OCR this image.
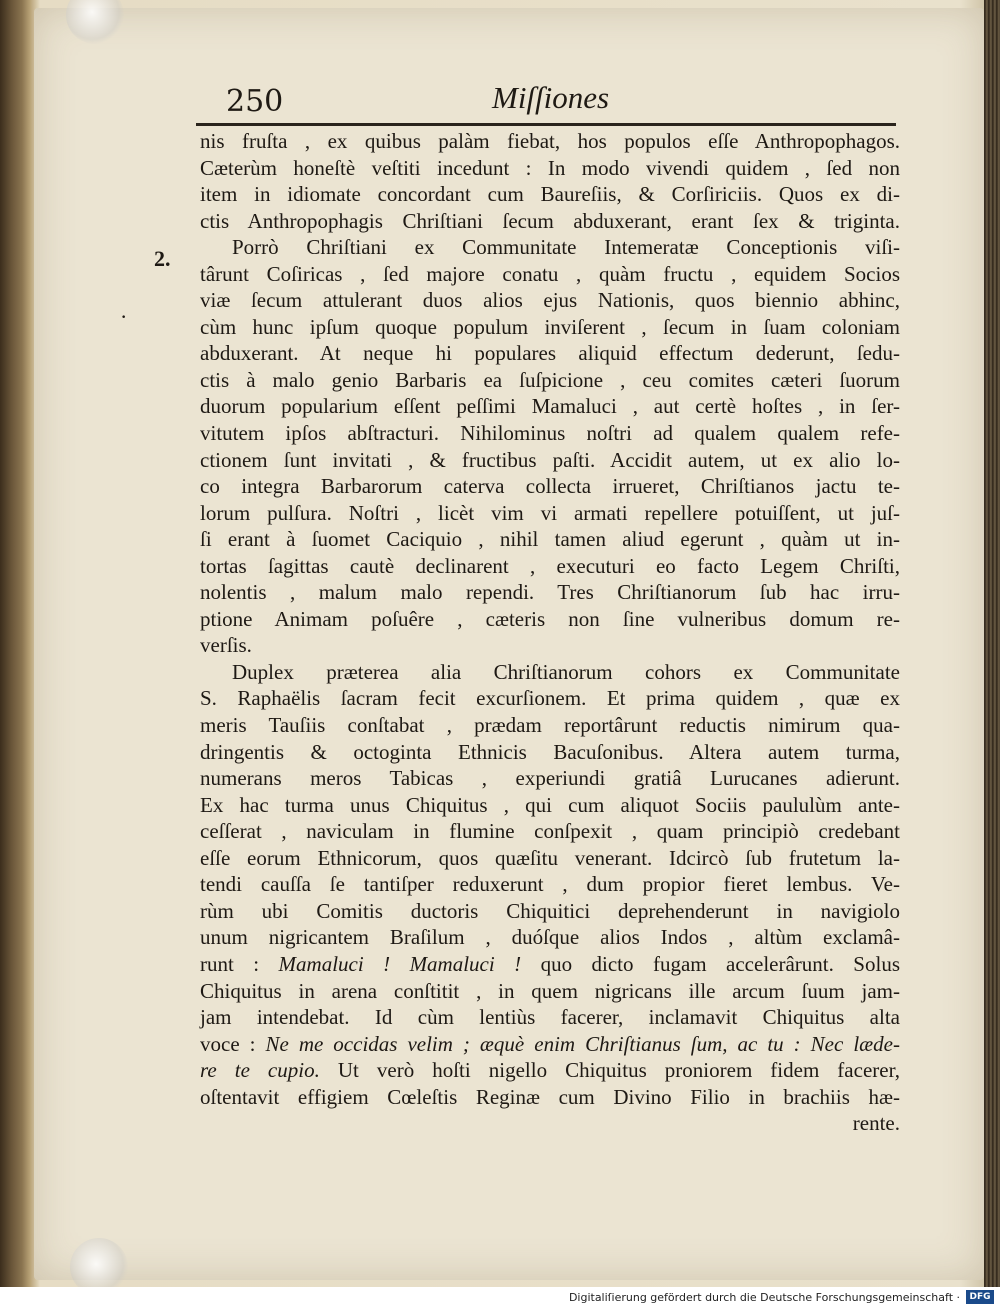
250	Miſſiones
2.
·
nis fruſta , ex quibus palàm fiebat, hos populos eſſe Anthropophagos.
Cæterùm honeſtè veſtiti incedunt : In modo vivendi quidem , ſed non
item in idiomate concordant cum Baureſiis, & Corſiriciis. Quos ex di-
ctis Anthropophagis Chriſtiani ſecum abduxerant, erant ſex & triginta.
Porrò Chriſtiani ex Communitate Intemeratæ Conceptionis viſi-
târunt Coſiricas , ſed majore conatu , quàm fructu , equidem Socios
viæ ſecum attulerant duos alios ejus Nationis, quos biennio abhinc,
cùm hunc ipſum quoque populum inviſerent , ſecum in ſuam coloniam
abduxerant. At neque hi populares aliquid effectum dederunt, ſedu-
ctis à malo genio Barbaris ea ſuſpicione , ceu comites cæteri ſuorum
duorum popularium eſſent peſſimi Mamaluci , aut certè hoſtes , in ſer-
vitutem ipſos abſtracturi. Nihilominus noſtri ad qualem qualem refe-
ctionem ſunt invitati , & fructibus paſti. Accidit autem, ut ex alio lo-
co integra Barbarorum caterva collecta irrueret, Chriſtianos jactu te-
lorum pulſura. Noſtri , licèt vim vi armati repellere potuiſſent, ut juſ-
ſi erant à ſuomet Caciquio , nihil tamen aliud egerunt , quàm ut in-
tortas ſagittas cautè declinarent , executuri eo facto Legem Chriſti,
nolentis , malum malo rependi. Tres Chriſtianorum ſub hac irru-
ptione Animam poſuêre , cæteris non ſine vulneribus domum re-
verſis.
Duplex præterea alia Chriſtianorum cohors ex Communitate
S. Raphaëlis ſacram fecit excurſionem. Et prima quidem , quæ ex
meris Tauſiis conſtabat , prædam reportârunt reductis nimirum qua-
dringentis & octoginta Ethnicis Bacuſonibus. Altera autem turma,
numerans meros Tabicas , experiundi gratiâ Lurucanes adierunt.
Ex hac turma unus Chiquitus , qui cum aliquot Sociis paululùm ante-
ceſſerat , naviculam in flumine conſpexit , quam principiò credebant
eſſe eorum Ethnicorum, quos quæſitu venerant. Idcircò ſub frutetum la-
tendi cauſſa ſe tantiſper reduxerunt , dum propior fieret lembus. Ve-
rùm ubi Comitis ductoris Chiquitici deprehenderunt in navigiolo
unum nigricantem Braſilum , duóſque alios Indos , altùm exclamâ-
runt : Mamaluci ! Mamaluci ! quo dicto fugam accelerârunt. Solus
Chiquitus in arena conſtitit , in quem nigricans ille arcum ſuum jam-
jam intendebat. Id cùm lentiùs facerer, inclamavit Chiquitus alta
voce : Ne me occidas velim ; æquè enim Chriſtianus ſum, ac tu : Nec læde-
re te cupio. Ut verò hoſti nigello Chiquitus proniorem fidem facerer,
oſtentavit effigiem Cœleſtis Reginæ cum Divino Filio in brachiis hæ-
rente.
Digitaliſierung gefördert durch die Deutsche Forschungsgemeinschaft ·	DFG
